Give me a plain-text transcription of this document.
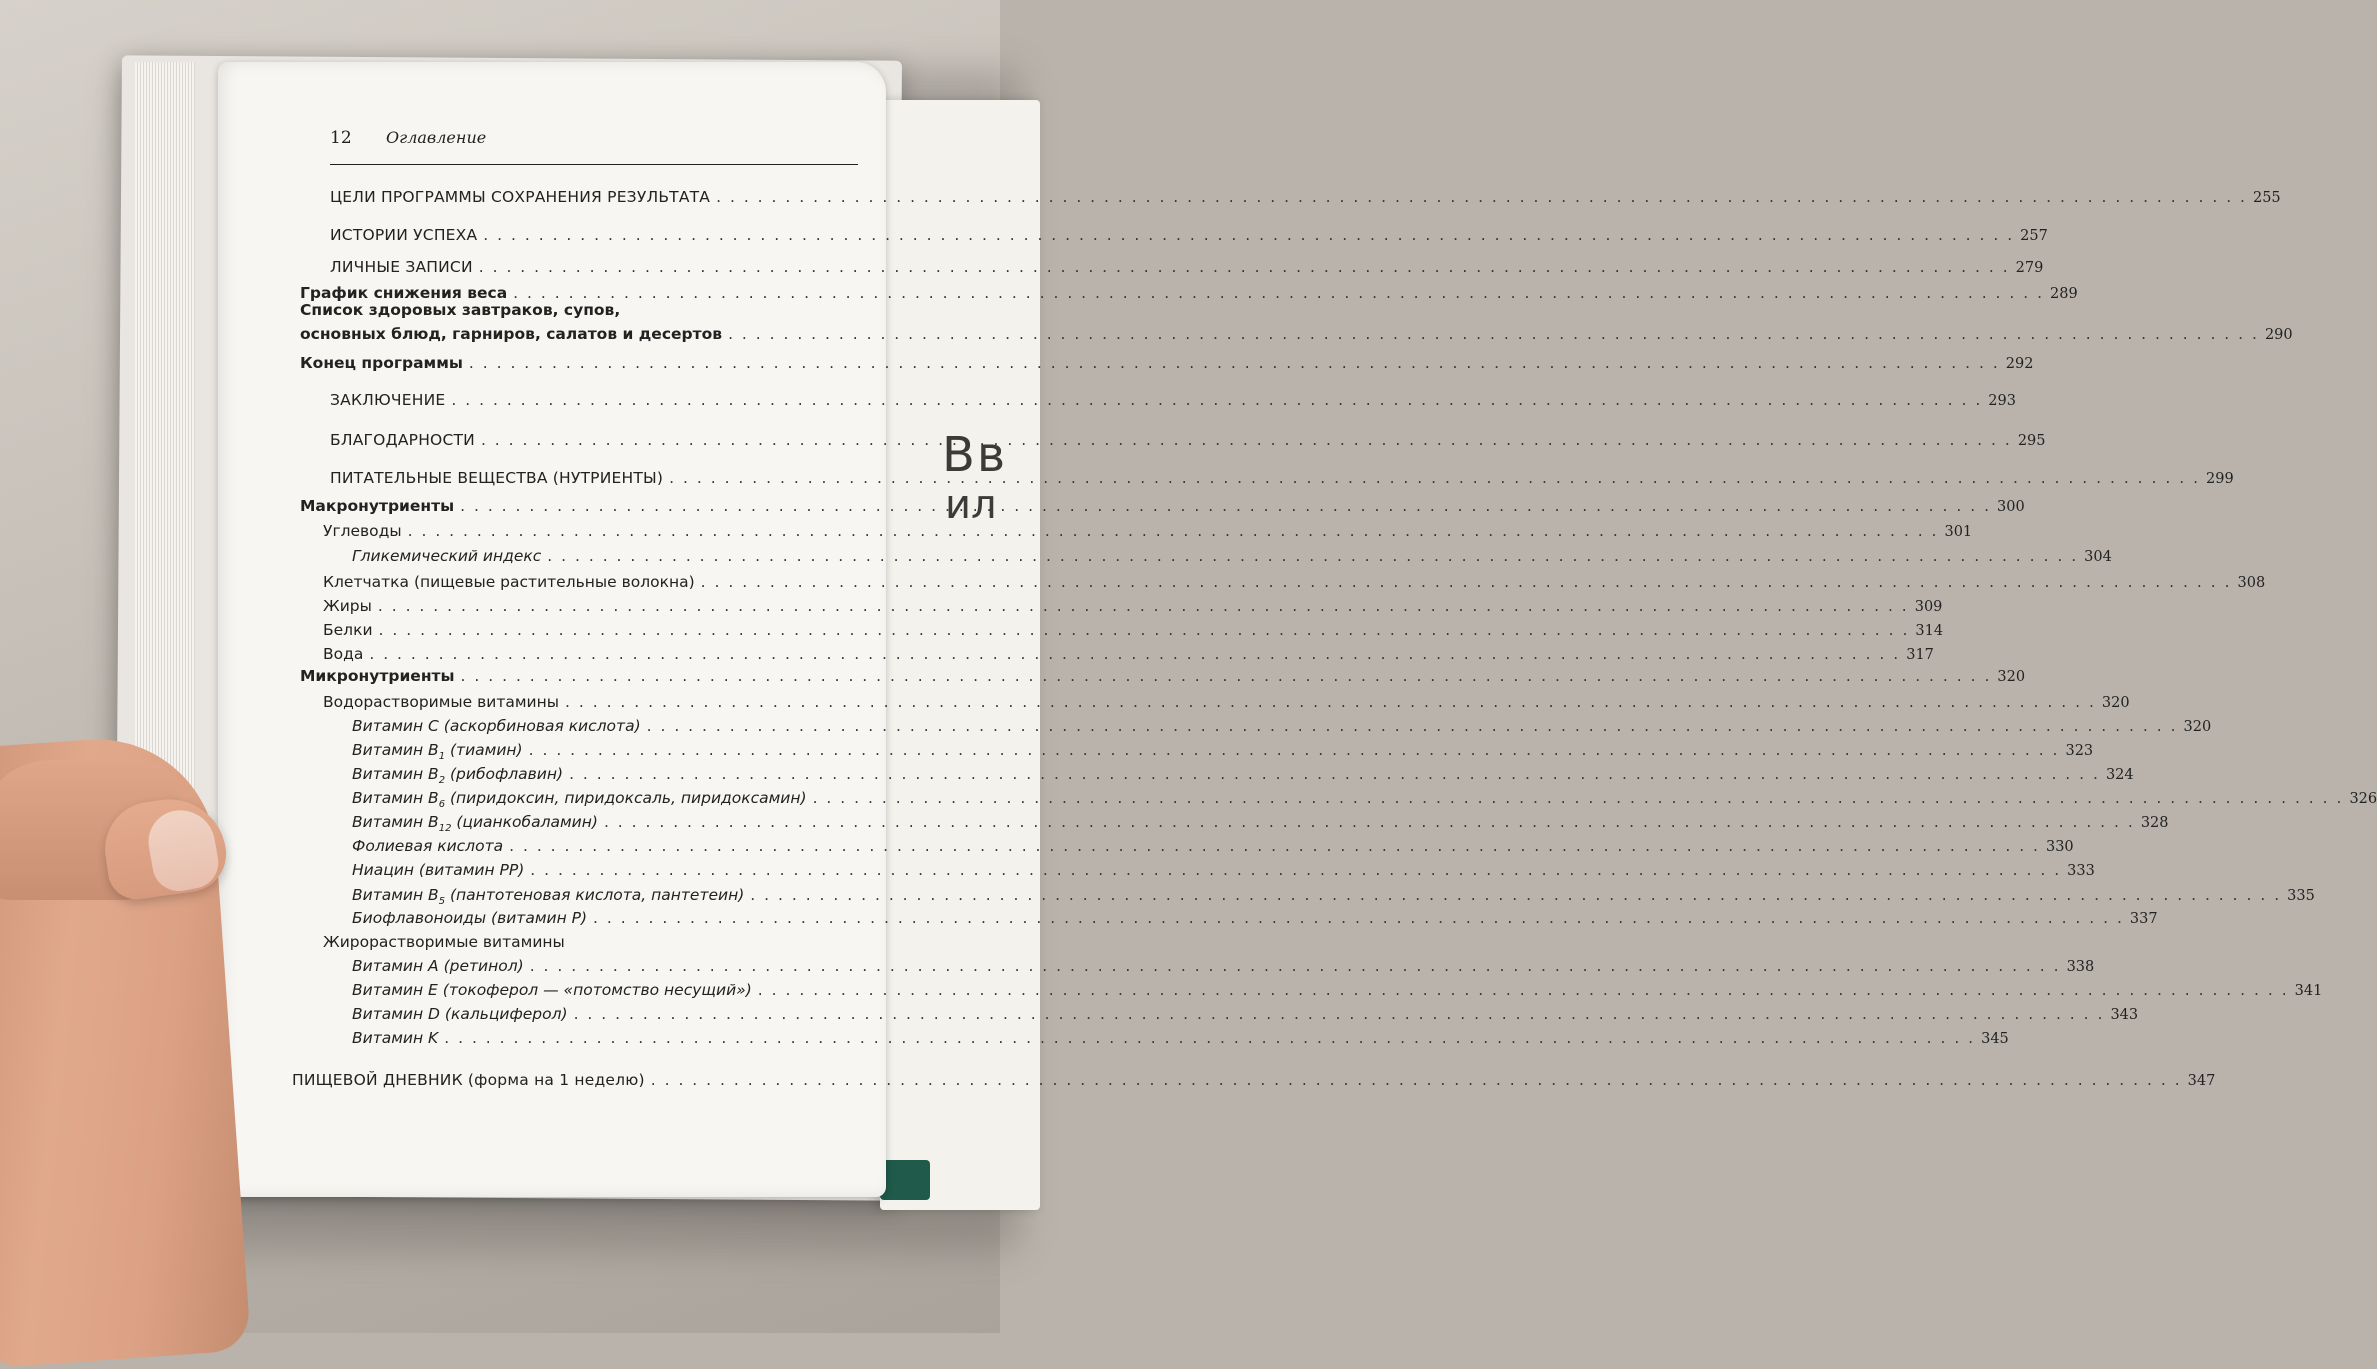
Вв
ил
12 Оглавление
ЦЕЛИ ПРОГРАММЫ СОХРАНЕНИЯ РЕЗУЛЬТАТА . . .	255
ИСТОРИИ УСПЕХА . . .	257
ЛИЧНЫЕ ЗАПИСИ . . .	279
График снижения веса . . .	289
Список здоровых завтраков, супов,
основных блюд, гарниров, салатов и десертов . . .	290
Конец программы . . .	292
ЗАКЛЮЧЕНИЕ . . .	293
БЛАГОДАРНОСТИ . . .	295
ПИТАТЕЛЬНЫЕ ВЕЩЕСТВА (НУТРИЕНТЫ) . . .	299
Макронутриенты . . .	300
Углеводы . . .	301
Гликемический индекс . . .	304
Клетчатка (пищевые растительные волокна) . . .	308
Жиры . . .	309
Белки . . .	314
Вода . . .	317
Микронутриенты . . .	320
Водорастворимые витамины . . .	320
Витамин C (аскорбиновая кислота) . . .	320
Витамин $B_1$ (тиамин) . . .	323
Витамин $B_2$ (рибофлавин) . . .	324
Витамин $B_6$ (пиридоксин, пиридоксаль, пиридоксамин) . . .	326
Витамин $B_{12}$ (цианкобаламин) . . .	328
Фолиевая кислота . . .	330
Ниацин (витамин PP) . . .	333
Витамин $B_5$ (пантотеновая кислота, пантетеин) . . .	335
Биофлавоноиды (витамин P) . . .	337
Жирорастворимые витамины
Витамин A (ретинол) . . .	338
Витамин E (токоферол — «потомство несущий») . . .	341
Витамин D (кальциферол) . . .	343
Витамин K . . .	345
ПИЩЕВОЙ ДНЕВНИК (форма на 1 неделю) . . .	347
